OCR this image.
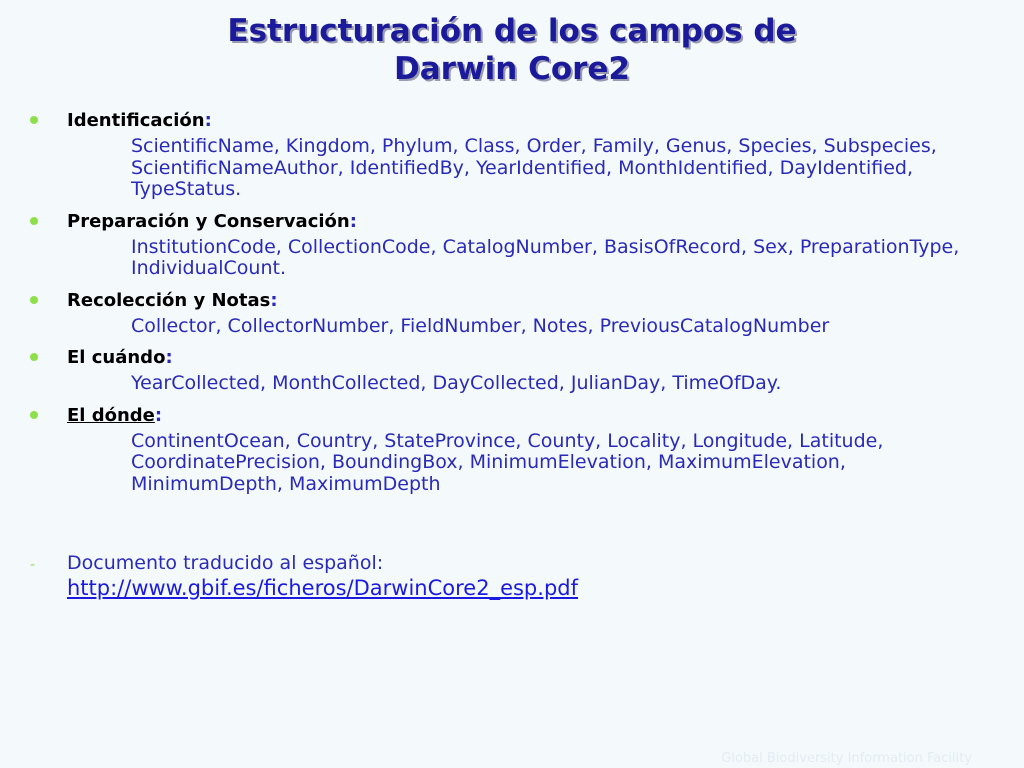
Estructuración de los campos de
Darwin Core2
Identificación:
ScientificName, Kingdom, Phylum, Class, Order, Family, Genus, Species, Subspecies, ScientificNameAuthor, IdentifiedBy, YearIdentified, MonthIdentified, DayIdentified, TypeStatus.
Preparación y Conservación:
InstitutionCode, CollectionCode, CatalogNumber, BasisOfRecord, Sex, PreparationType, IndividualCount.
Recolección y Notas:
Collector, CollectorNumber, FieldNumber, Notes, PreviousCatalogNumber
El cuándo:
YearCollected, MonthCollected, DayCollected, JulianDay, TimeOfDay.
El dónde:
ContinentOcean, Country, StateProvince, County, Locality, Longitude, Latitude, CoordinatePrecision, BoundingBox, MinimumElevation, MaximumElevation, MinimumDepth, MaximumDepth
- Documento traducido al español:
http://www.gbif.es/ficheros/DarwinCore2_esp.pdf
Global Biodiversity Information Facility
